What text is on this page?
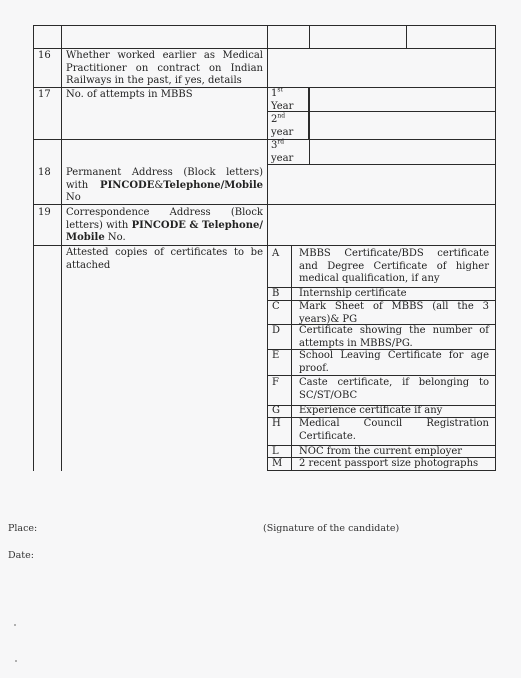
16 Whether worked earlier as Medical Practitioner on contract on Indian Railways in the past, if yes, details
17 No. of attempts in MBBS	1st
Year
2nd
year
3rd
year
18 Permanent Address (Block letters) with PINCODE&Telephone/Mobile No
19 Correspondence Address (Block letters) with PINCODE & Telephone/ Mobile No.
Attested copies of certificates to be attached
A MBBS Certificate/BDS certificate and Degree Certificate of higher medical qualification, if any
B Internship certificate
C Mark Sheet of MBBS (all the 3 years)& PG
D Certificate showing the number of attempts in MBBS/PG.
E School Leaving Certificate for age proof.
F Caste certificate, if belonging to SC/ST/OBC
G Experience certificate if any
H Medical Council Registration Certificate.
L NOC from the current employer
M 2 recent passport size photographs
Place:
Date:
(Signature of the candidate)
